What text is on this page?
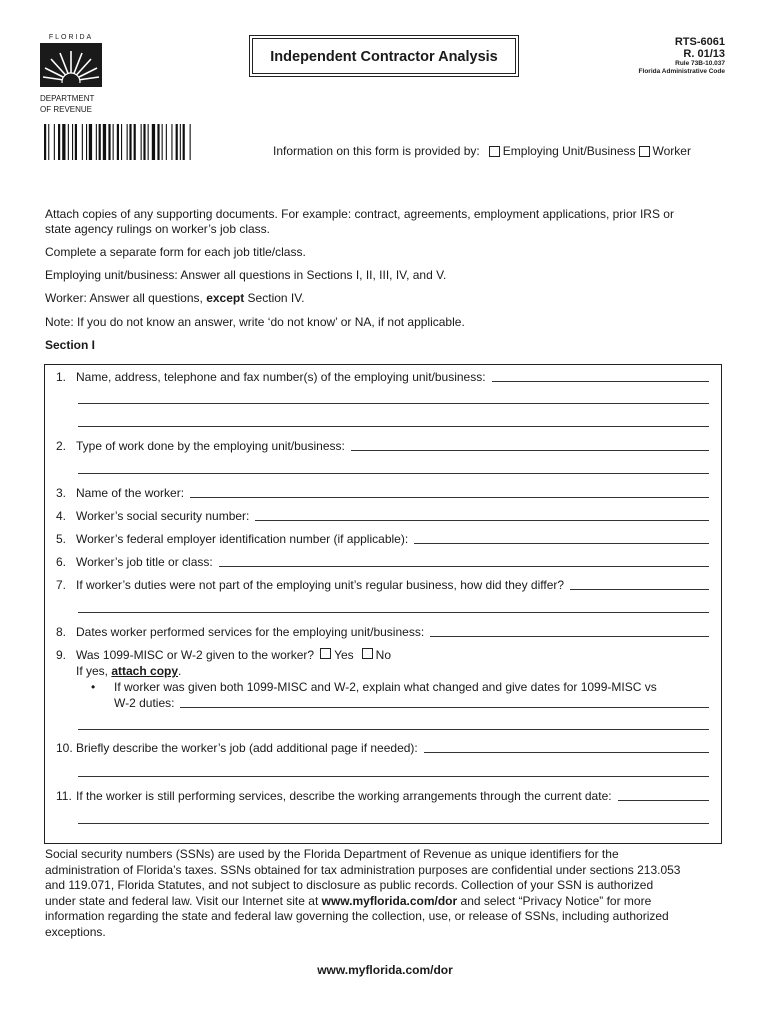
FLORIDA
DEPARTMENT
OF REVENUE
Independent Contractor Analysis
RTS-6061
R. 01/13
Rule 73B-10.037
Florida Administrative Code
Information on this form is provided by: Employing Unit/Business Worker
Attach copies of any supporting documents. For example: contract, agreements, employment applications, prior IRS or
state agency rulings on worker’s job class.
Complete a separate form for each job title/class.
Employing unit/business: Answer all questions in Sections I, II, III, IV, and V.
Worker: Answer all questions, except Section IV.
Note: If you do not know an answer, write ‘do not know’ or NA, if not applicable.
Section I
1. Name, address, telephone and fax number(s) of the employing unit/business:
2. Type of work done by the employing unit/business:
3. Name of the worker:
4. Worker’s social security number:
5. Worker’s federal employer identification number (if applicable):
6. Worker’s job title or class:
7. If worker’s duties were not part of the employing unit’s regular business, how did they differ?
8. Dates worker performed services for the employing unit/business:
9. Was 1099-MISC or W-2 given to the worker? Yes No
If yes, attach copy.
• If worker was given both 1099-MISC and W-2, explain what changed and give dates for 1099-MISC vs
W-2 duties:
10. Briefly describe the worker’s job (add additional page if needed):
11. If the worker is still performing services, describe the working arrangements through the current date:
Social security numbers (SSNs) are used by the Florida Department of Revenue as unique identifiers for the
administration of Florida’s taxes. SSNs obtained for tax administration purposes are confidential under sections 213.053
and 119.071, Florida Statutes, and not subject to disclosure as public records. Collection of your SSN is authorized
under state and federal law. Visit our Internet site at www.myflorida.com/dor and select “Privacy Notice” for more
information regarding the state and federal law governing the collection, use, or release of SSNs, including authorized
exceptions.
www.myflorida.com/dor
